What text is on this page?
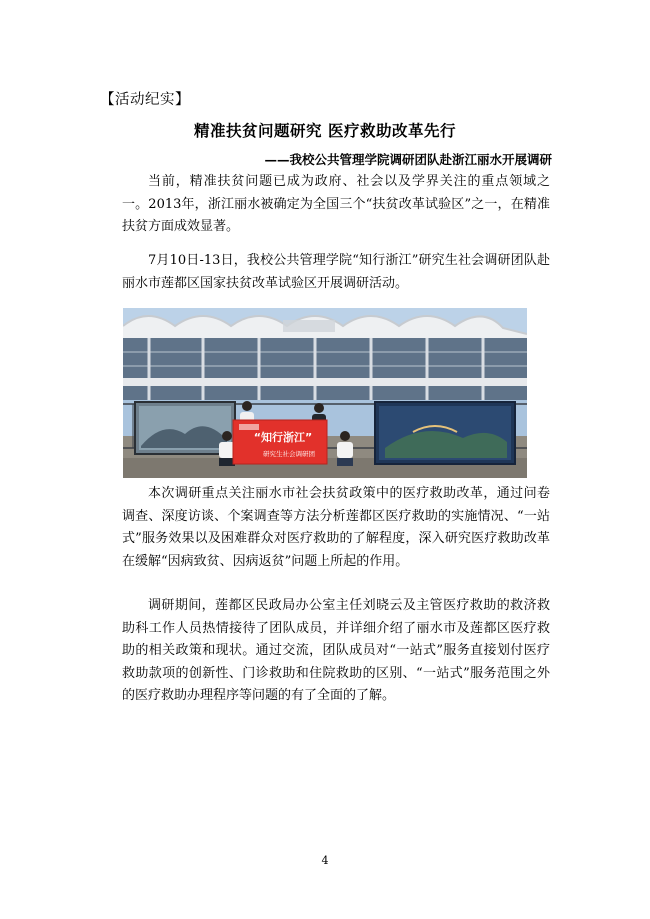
【活动纪实】
精准扶贫问题研究 医疗救助改革先行
——我校公共管理学院调研团队赴浙江丽水开展调研

当前，精准扶贫问题已成为政府、社会以及学界关注的重点领域之一。2013年，浙江丽水被确定为全国三个“扶贫改革试验区”之一，在精准扶贫方面成效显著。

7月10日-13日，我校公共管理学院“知行浙江”研究生社会调研团队赴丽水市莲都区国家扶贫改革试验区开展调研活动。

“知行浙江”
研究生社会调研团

本次调研重点关注丽水市社会扶贫政策中的医疗救助改革，通过问卷调查、深度访谈、个案调查等方法分析莲都区医疗救助的实施情况、“一站式”服务效果以及困难群众对医疗救助的了解程度，深入研究医疗救助改革在缓解“因病致贫、因病返贫”问题上所起的作用。

调研期间，莲都区民政局办公室主任刘晓云及主管医疗救助的救济救助科工作人员热情接待了团队成员，并详细介绍了丽水市及莲都区医疗救助的相关政策和现状。通过交流，团队成员对“一站式”服务直接划付医疗救助款项的创新性、门诊救助和住院救助的区别、“一站式”服务范围之外的医疗救助办理程序等问题的有了全面的了解。

4
